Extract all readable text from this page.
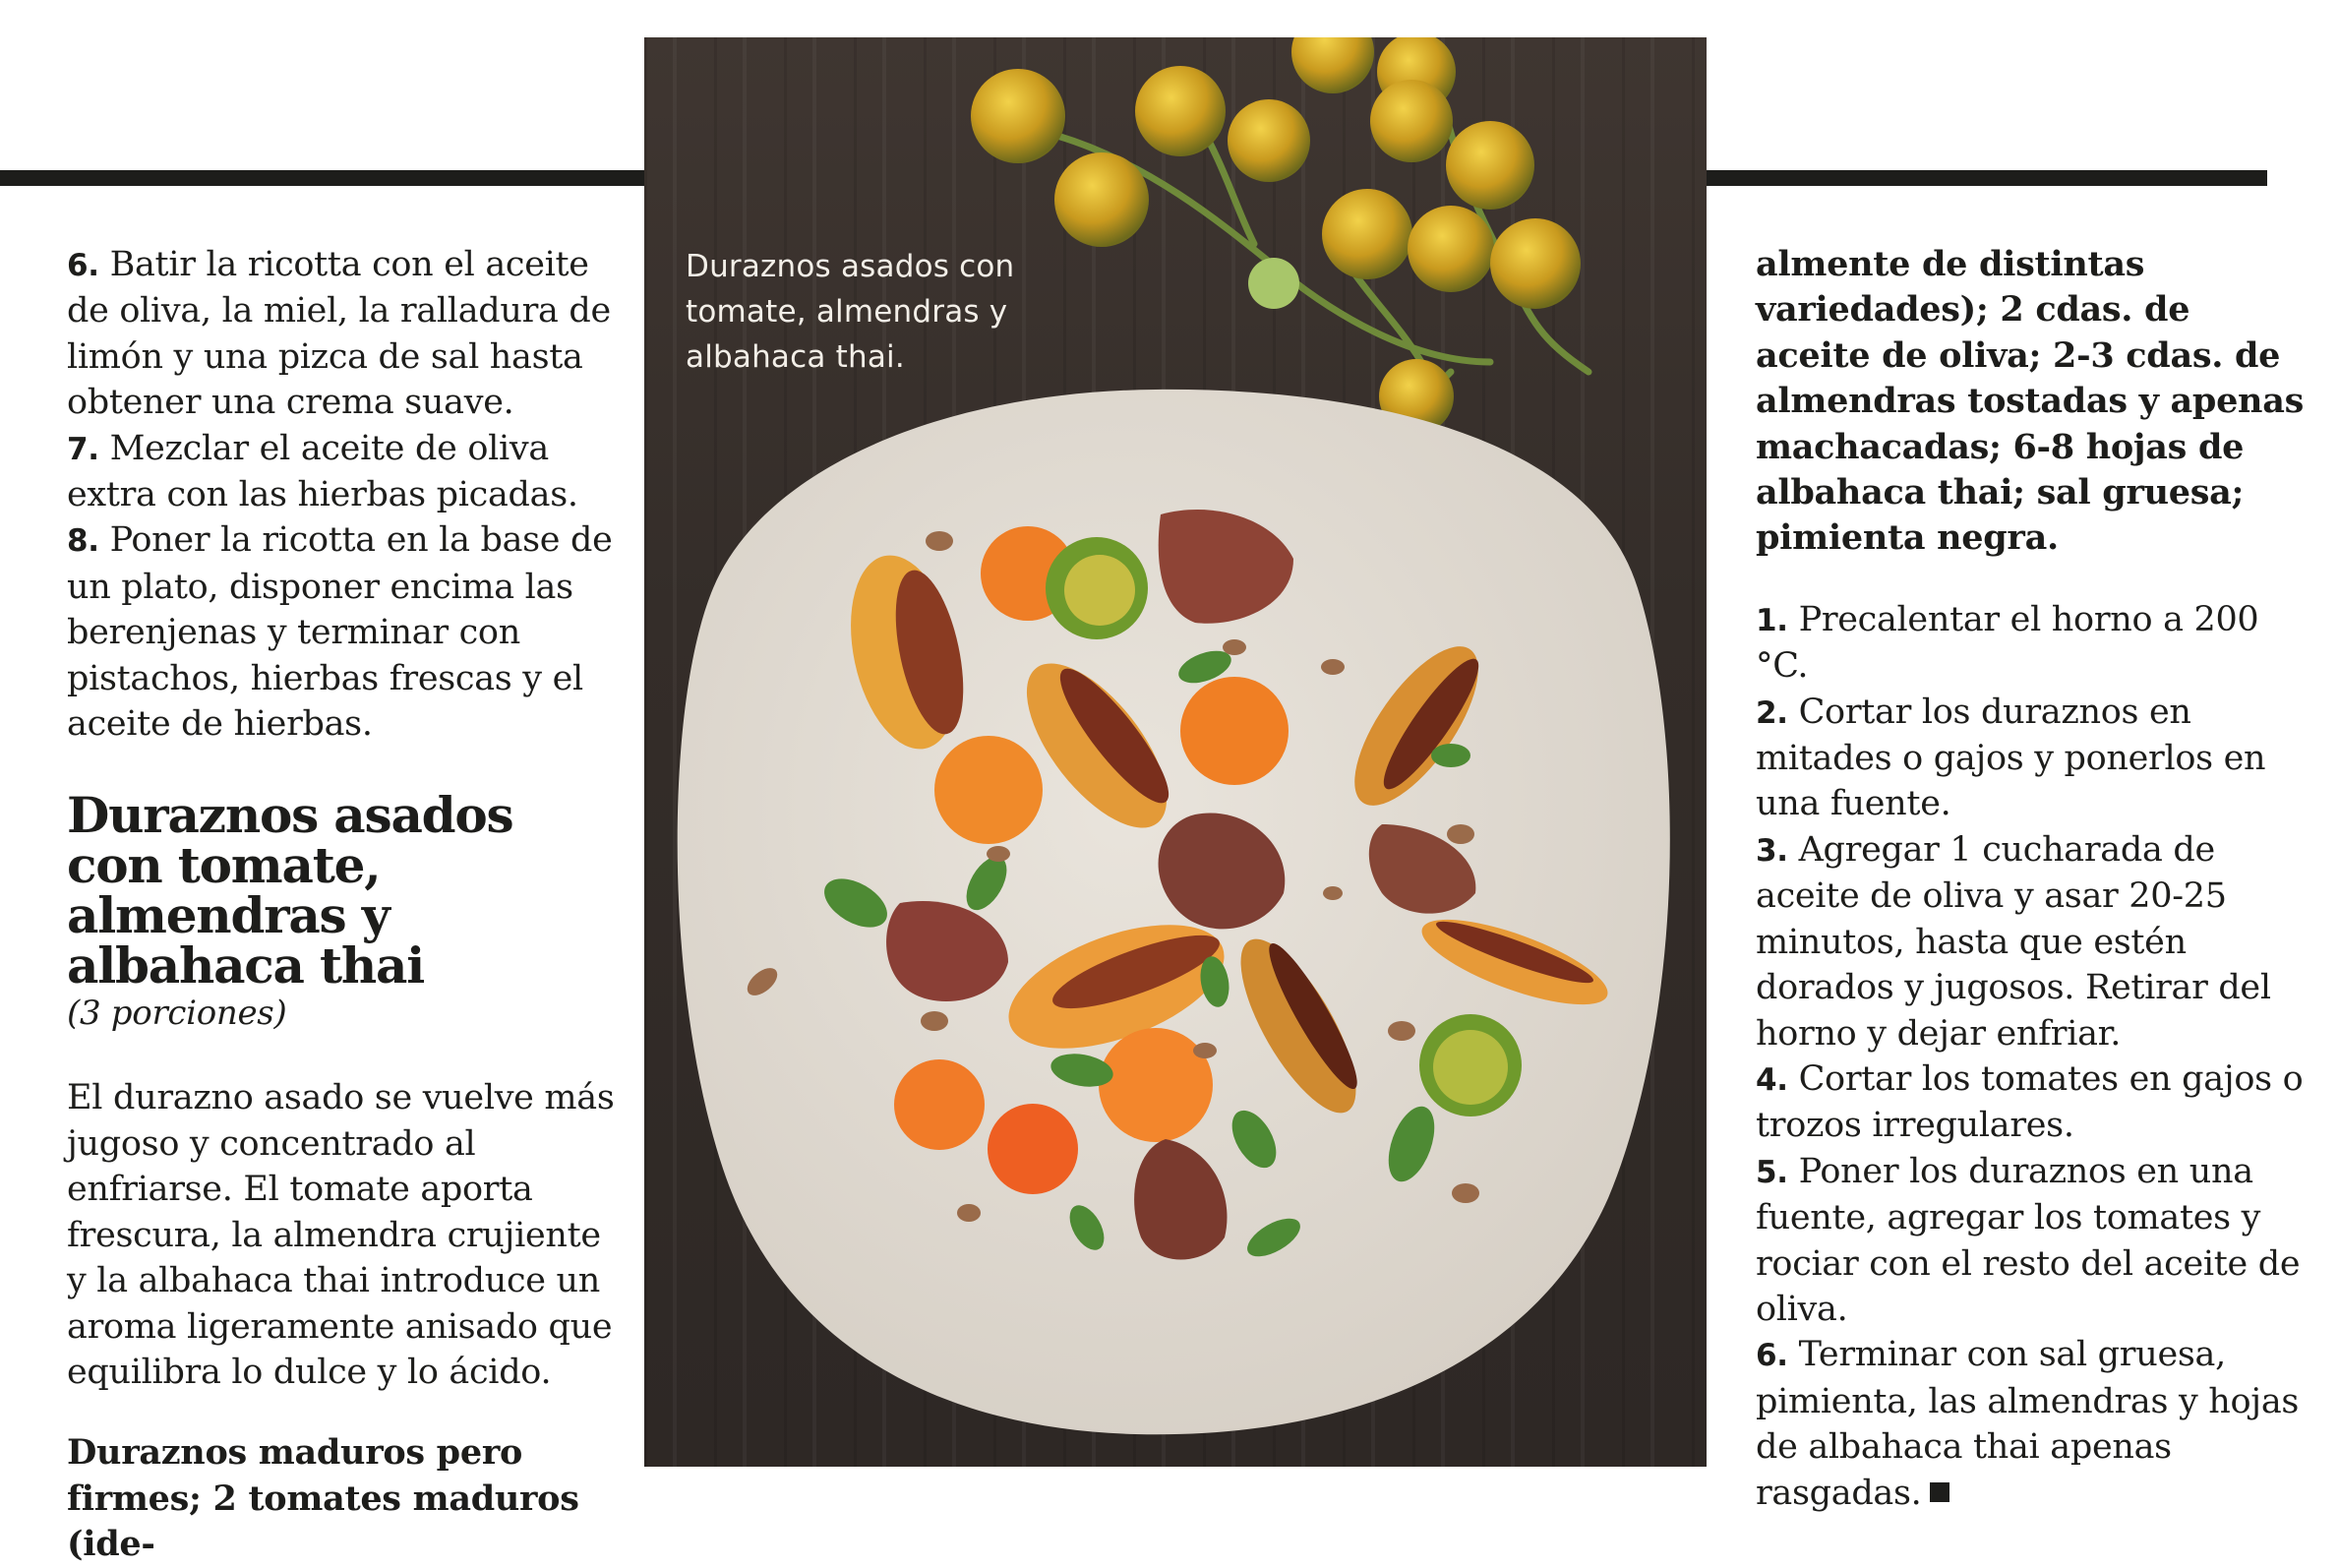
6. Batir la ricotta con el aceite de oliva, la miel, la ralladura de limón y una pizca de sal hasta obtener una crema suave.

7. Mezclar el aceite de oliva extra con las hierbas picadas.

8. Poner la ricotta en la base de un plato, disponer encima las berenjenas y terminar con pistachos, hierbas frescas y el aceite de hierbas.

Duraznos asados con tomate, almendras y albahaca thai

(3 porciones)

El durazno asado se vuelve más jugoso y concentrado al enfriarse. El tomate aporta frescura, la almendra crujiente y la albahaca thai introduce un aroma ligeramente anisado que equilibra lo dulce y lo ácido.

Duraznos maduros pero firmes; 2 tomates maduros (ide-

Duraznos asados con tomate, almendras y albahaca thai.

almente de distintas variedades); 2 cdas. de aceite de oliva; 2-3 cdas. de almendras tostadas y apenas machacadas; 6-8 hojas de albahaca thai; sal gruesa; pimienta negra.

1. Precalentar el horno a 200 °C.

2. Cortar los duraznos en mitades o gajos y ponerlos en una fuente.

3. Agregar 1 cucharada de aceite de oliva y asar 20-25 minutos, hasta que estén dorados y jugosos. Retirar del horno y dejar enfriar.

4. Cortar los tomates en gajos o trozos irregulares.

5. Poner los duraznos en una fuente, agregar los tomates y rociar con el resto del aceite de oliva.

6. Terminar con sal gruesa, pimienta, las almendras y hojas de albahaca thai apenas rasgadas.
